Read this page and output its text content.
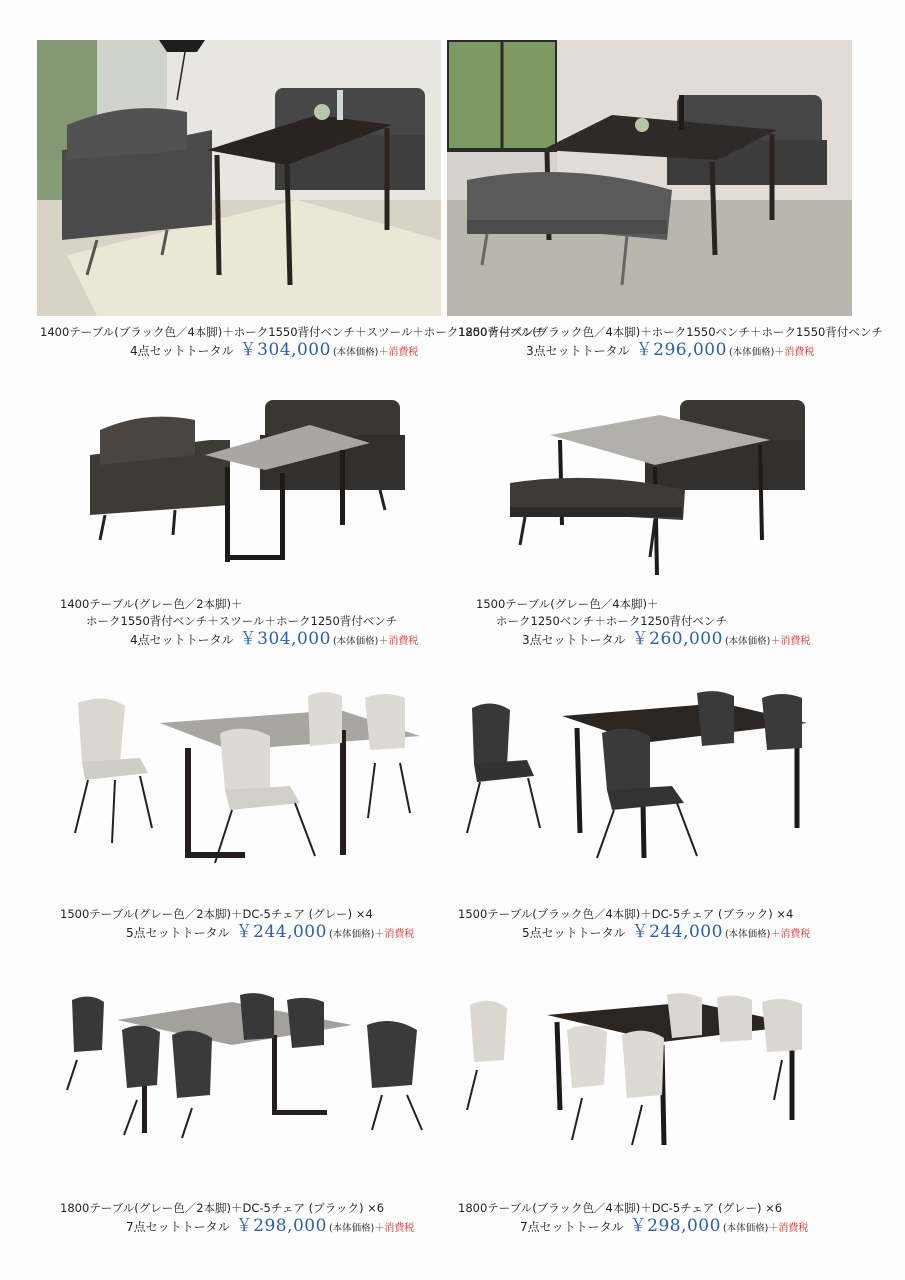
1400テーブル(ブラック色／4本脚)＋ホーク1550背付ベンチ＋スツール＋ホーク1250背付ベンチ
4点セットトータル ￥304,000 (本体価格)＋消費税
1800テーブル(ブラック色／4本脚)＋ホーク1550ベンチ＋ホーク1550背付ベンチ
3点セットトータル ￥296,000 (本体価格)＋消費税
1400テーブル(グレー色／2本脚)＋
ホーク1550背付ベンチ＋スツール＋ホーク1250背付ベンチ
4点セットトータル ￥304,000 (本体価格)＋消費税
1500テーブル(グレー色／4本脚)＋
ホーク1250ベンチ＋ホーク1250背付ベンチ
3点セットトータル ￥260,000 (本体価格)＋消費税
1500テーブル(グレー色／2本脚)＋DC-5チェア (グレー) ×4
5点セットトータル ￥244,000 (本体価格)＋消費税
1500テーブル(ブラック色／4本脚)＋DC-5チェア (ブラック) ×4
5点セットトータル ￥244,000 (本体価格)＋消費税
1800テーブル(グレー色／2本脚)＋DC-5チェア (ブラック) ×6
7点セットトータル ￥298,000 (本体価格)＋消費税
1800テーブル(ブラック色／4本脚)＋DC-5チェア (グレー) ×6
7点セットトータル ￥298,000 (本体価格)＋消費税
